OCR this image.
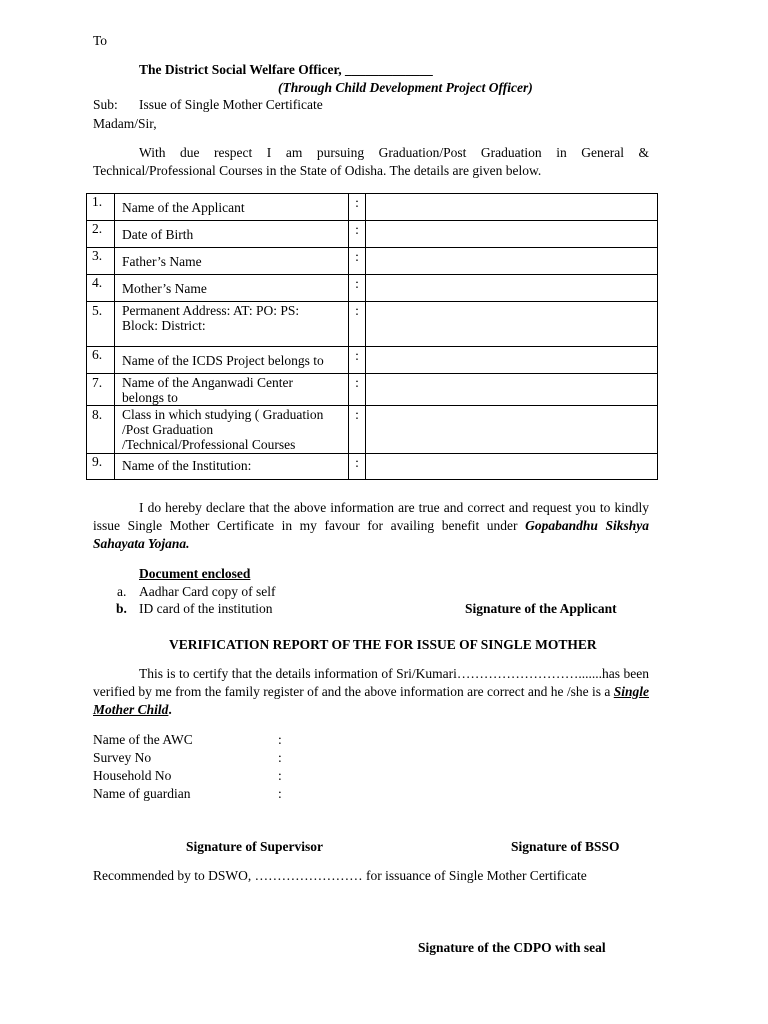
To
The District Social Welfare Officer, _____________
(Through Child Development Project Officer)
Sub: Issue of Single Mother Certificate
Madam/Sir,
With due respect I am pursuing Graduation/Post Graduation in General & Technical/Professional Courses in the State of Odisha. The details are given below.
1.	Name of the Applicant	:	

2.	Date of Birth	:	

3.	Father’s Name	:	

4.	Mother’s Name	:	

5.	Permanent Address: AT: PO: PS:
Block: District:	:	

6.	Name of the ICDS Project belongs to	:	

7.	Name of the Anganwadi Center
belongs to	:	

8.	Class in which studying ( Graduation
/Post Graduation
/Technical/Professional Courses	:	

9.	Name of the Institution:	:	

I do hereby declare that the above information are true and correct and request you to kindly issue Single Mother Certificate in my favour for availing benefit under Gopabandhu Sikshya Sahayata Yojana.
Document enclosed
a. Aadhar Card copy of self
b. ID card of the institution	Signature of the Applicant
VERIFICATION REPORT OF THE FOR ISSUE OF SINGLE MOTHER
This is to certify that the details information of Sri/Kumari……………………….......has been verified by me from the family register of and the above information are correct and he /she is a Single Mother Child.
Name of the AWC	:
Survey No	:
Household No	:
Name of guardian	:
Signature of Supervisor	Signature of BSSO
Recommended by to DSWO, …………………… for issuance of Single Mother Certificate
Signature of the CDPO with seal
